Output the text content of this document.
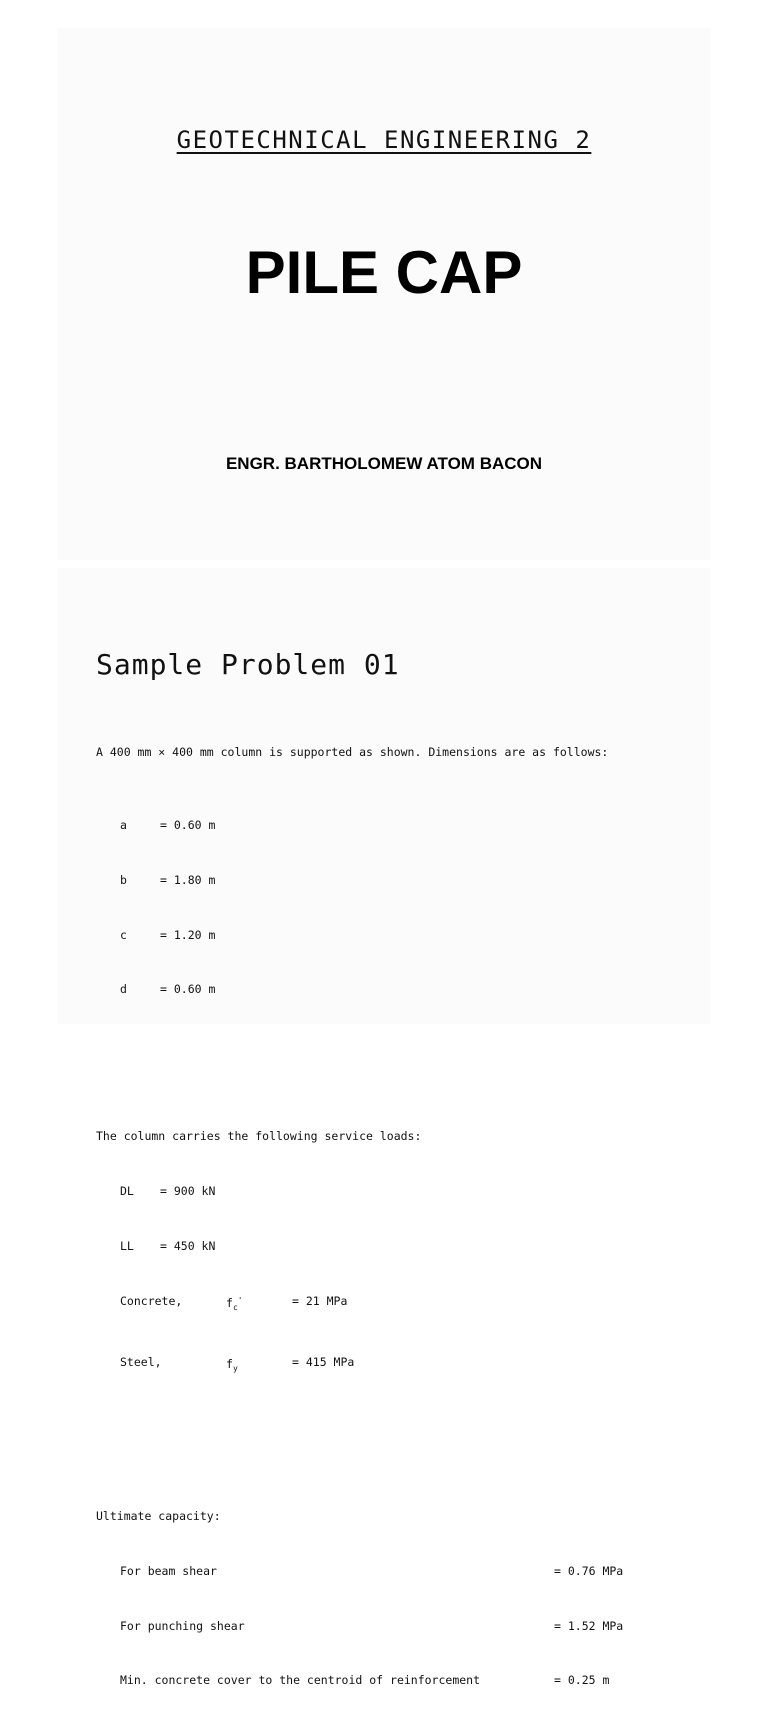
GEOTECHNICAL ENGINEERING 2
PILE CAP
ENGR. BARTHOLOMEW ATOM BACON
Sample Problem 01

A 400 mm × 400 mm column is supported as shown. Dimensions are as follows:

a	= 0.60 m

b	= 1.80 m

c	= 1.20 m

d	= 0.60 m

The column carries the following service loads:

DL	= 900 kN

LL	= 450 kN

Concrete,	$f_c'$	= 21 MPa

Steel,	$f_y$	= 415 MPa

Ultimate capacity:

For beam shear	= 0.76 MPa

For punching shear	= 1.52 MPa

Min. concrete cover to the centroid of reinforcement	= 0.25 m
